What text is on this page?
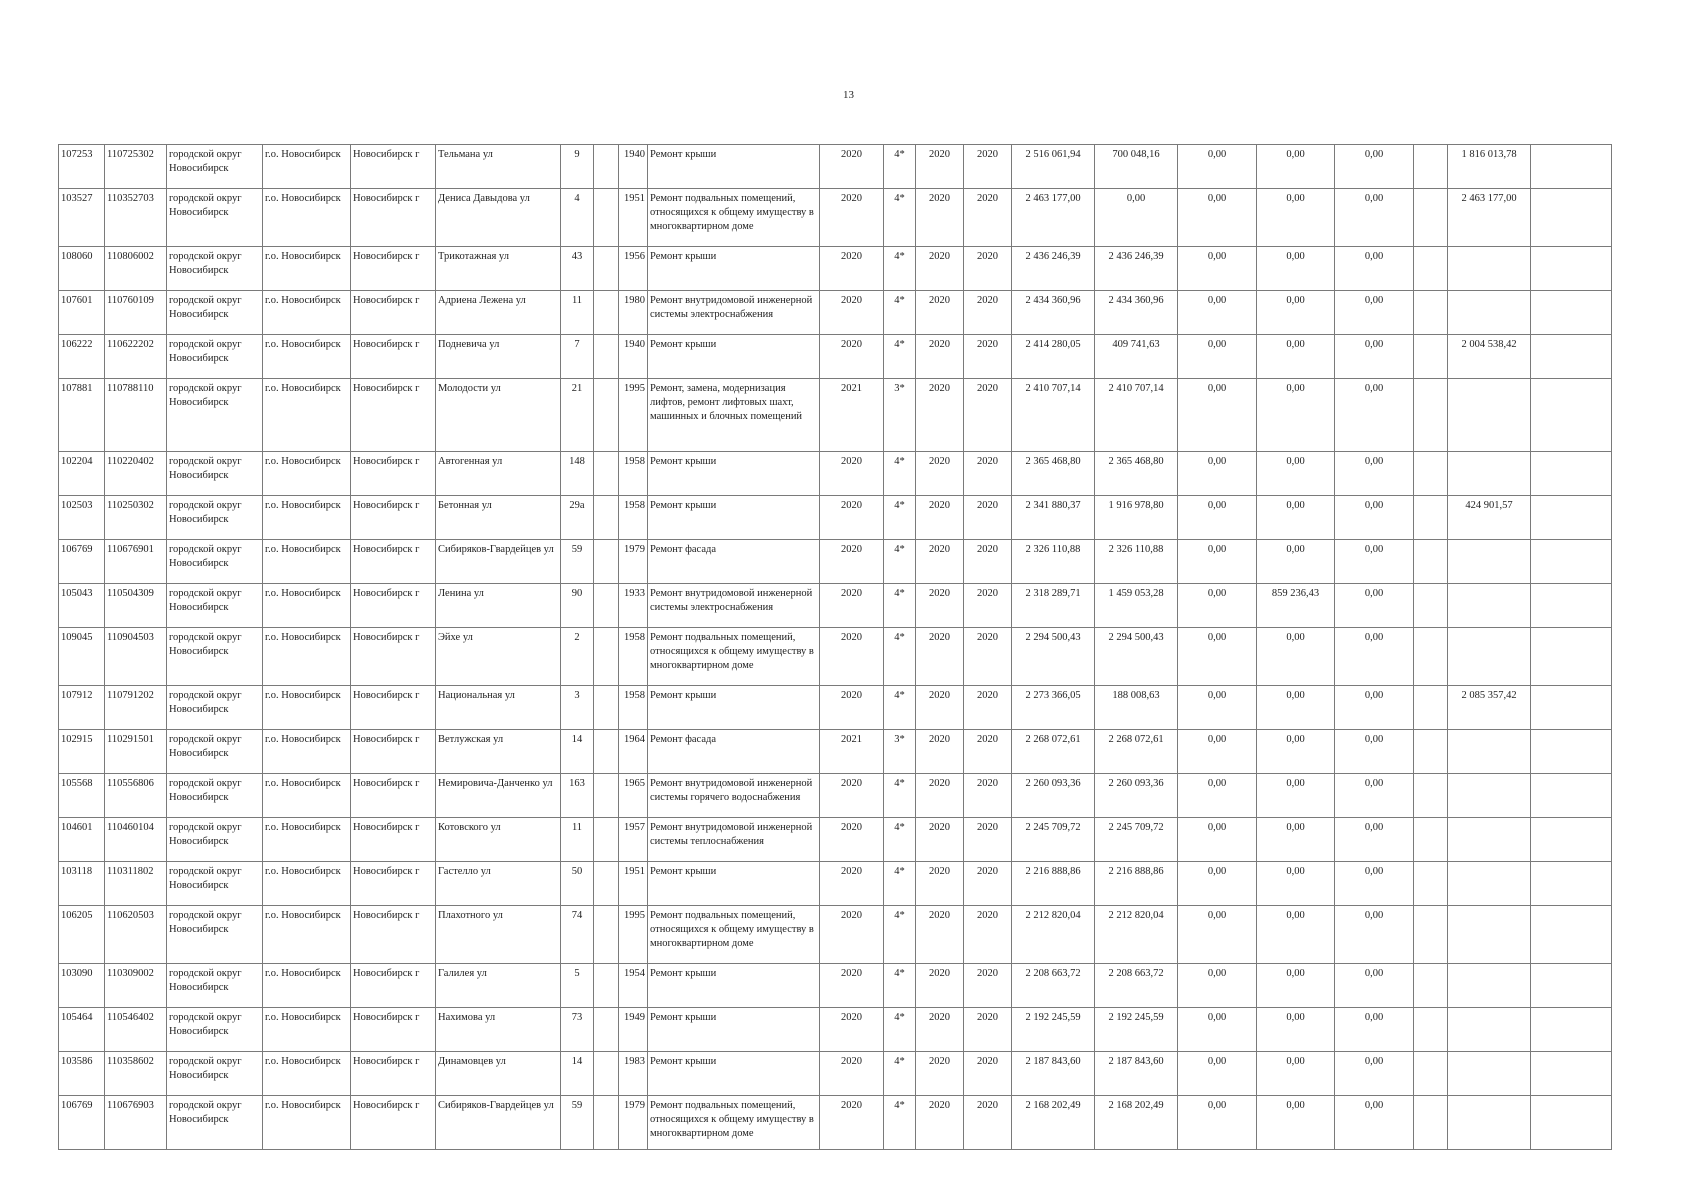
13
107253	110725302	городской округ Новосибирск	г.о. Новосибирск	Новосибирск г	Тельмана ул	9		1940	Ремонт крыши	2020	4*	2020	2020	2 516 061,94	700 048,16	0,00	0,00	0,00		1 816 013,78	
103527	110352703	городской округ Новосибирск	г.о. Новосибирск	Новосибирск г	Дениса Давыдова ул	4		1951	Ремонт подвальных помещений, относящихся к общему имуществу в многоквартирном доме	2020	4*	2020	2020	2 463 177,00	0,00	0,00	0,00	0,00		2 463 177,00	
108060	110806002	городской округ Новосибирск	г.о. Новосибирск	Новосибирск г	Трикотажная ул	43		1956	Ремонт крыши	2020	4*	2020	2020	2 436 246,39	2 436 246,39	0,00	0,00	0,00			
107601	110760109	городской округ Новосибирск	г.о. Новосибирск	Новосибирск г	Адриена Лежена ул	11		1980	Ремонт внутридомовой инженерной системы электроснабжения	2020	4*	2020	2020	2 434 360,96	2 434 360,96	0,00	0,00	0,00			
106222	110622202	городской округ Новосибирск	г.о. Новосибирск	Новосибирск г	Подневича ул	7		1940	Ремонт крыши	2020	4*	2020	2020	2 414 280,05	409 741,63	0,00	0,00	0,00		2 004 538,42	
107881	110788110	городской округ Новосибирск	г.о. Новосибирск	Новосибирск г	Молодости ул	21		1995	Ремонт, замена, модернизация лифтов, ремонт лифтовых шахт, машинных и блочных помещений	2021	3*	2020	2020	2 410 707,14	2 410 707,14	0,00	0,00	0,00			
102204	110220402	городской округ Новосибирск	г.о. Новосибирск	Новосибирск г	Автогенная ул	148		1958	Ремонт крыши	2020	4*	2020	2020	2 365 468,80	2 365 468,80	0,00	0,00	0,00			
102503	110250302	городской округ Новосибирск	г.о. Новосибирск	Новосибирск г	Бетонная ул	29а		1958	Ремонт крыши	2020	4*	2020	2020	2 341 880,37	1 916 978,80	0,00	0,00	0,00		424 901,57	
106769	110676901	городской округ Новосибирск	г.о. Новосибирск	Новосибирск г	Сибиряков-Гвардейцев ул	59		1979	Ремонт фасада	2020	4*	2020	2020	2 326 110,88	2 326 110,88	0,00	0,00	0,00			
105043	110504309	городской округ Новосибирск	г.о. Новосибирск	Новосибирск г	Ленина ул	90		1933	Ремонт внутридомовой инженерной системы электроснабжения	2020	4*	2020	2020	2 318 289,71	1 459 053,28	0,00	859 236,43	0,00			
109045	110904503	городской округ Новосибирск	г.о. Новосибирск	Новосибирск г	Эйхе ул	2		1958	Ремонт подвальных помещений, относящихся к общему имуществу в многоквартирном доме	2020	4*	2020	2020	2 294 500,43	2 294 500,43	0,00	0,00	0,00			
107912	110791202	городской округ Новосибирск	г.о. Новосибирск	Новосибирск г	Национальная ул	3		1958	Ремонт крыши	2020	4*	2020	2020	2 273 366,05	188 008,63	0,00	0,00	0,00		2 085 357,42	
102915	110291501	городской округ Новосибирск	г.о. Новосибирск	Новосибирск г	Ветлужская ул	14		1964	Ремонт фасада	2021	3*	2020	2020	2 268 072,61	2 268 072,61	0,00	0,00	0,00			
105568	110556806	городской округ Новосибирск	г.о. Новосибирск	Новосибирск г	Немировича-Данченко ул	163		1965	Ремонт внутридомовой инженерной системы горячего водоснабжения	2020	4*	2020	2020	2 260 093,36	2 260 093,36	0,00	0,00	0,00			
104601	110460104	городской округ Новосибирск	г.о. Новосибирск	Новосибирск г	Котовского ул	11		1957	Ремонт внутридомовой инженерной системы теплоснабжения	2020	4*	2020	2020	2 245 709,72	2 245 709,72	0,00	0,00	0,00			
103118	110311802	городской округ Новосибирск	г.о. Новосибирск	Новосибирск г	Гастелло ул	50		1951	Ремонт крыши	2020	4*	2020	2020	2 216 888,86	2 216 888,86	0,00	0,00	0,00			
106205	110620503	городской округ Новосибирск	г.о. Новосибирск	Новосибирск г	Плахотного ул	74		1995	Ремонт подвальных помещений, относящихся к общему имуществу в многоквартирном доме	2020	4*	2020	2020	2 212 820,04	2 212 820,04	0,00	0,00	0,00			
103090	110309002	городской округ Новосибирск	г.о. Новосибирск	Новосибирск г	Галилея ул	5		1954	Ремонт крыши	2020	4*	2020	2020	2 208 663,72	2 208 663,72	0,00	0,00	0,00			
105464	110546402	городской округ Новосибирск	г.о. Новосибирск	Новосибирск г	Нахимова ул	73		1949	Ремонт крыши	2020	4*	2020	2020	2 192 245,59	2 192 245,59	0,00	0,00	0,00			
103586	110358602	городской округ Новосибирск	г.о. Новосибирск	Новосибирск г	Динамовцев ул	14		1983	Ремонт крыши	2020	4*	2020	2020	2 187 843,60	2 187 843,60	0,00	0,00	0,00			
106769	110676903	городской округ Новосибирск	г.о. Новосибирск	Новосибирск г	Сибиряков-Гвардейцев ул	59		1979	Ремонт подвальных помещений, относящихся к общему имуществу в многоквартирном доме	2020	4*	2020	2020	2 168 202,49	2 168 202,49	0,00	0,00	0,00			
